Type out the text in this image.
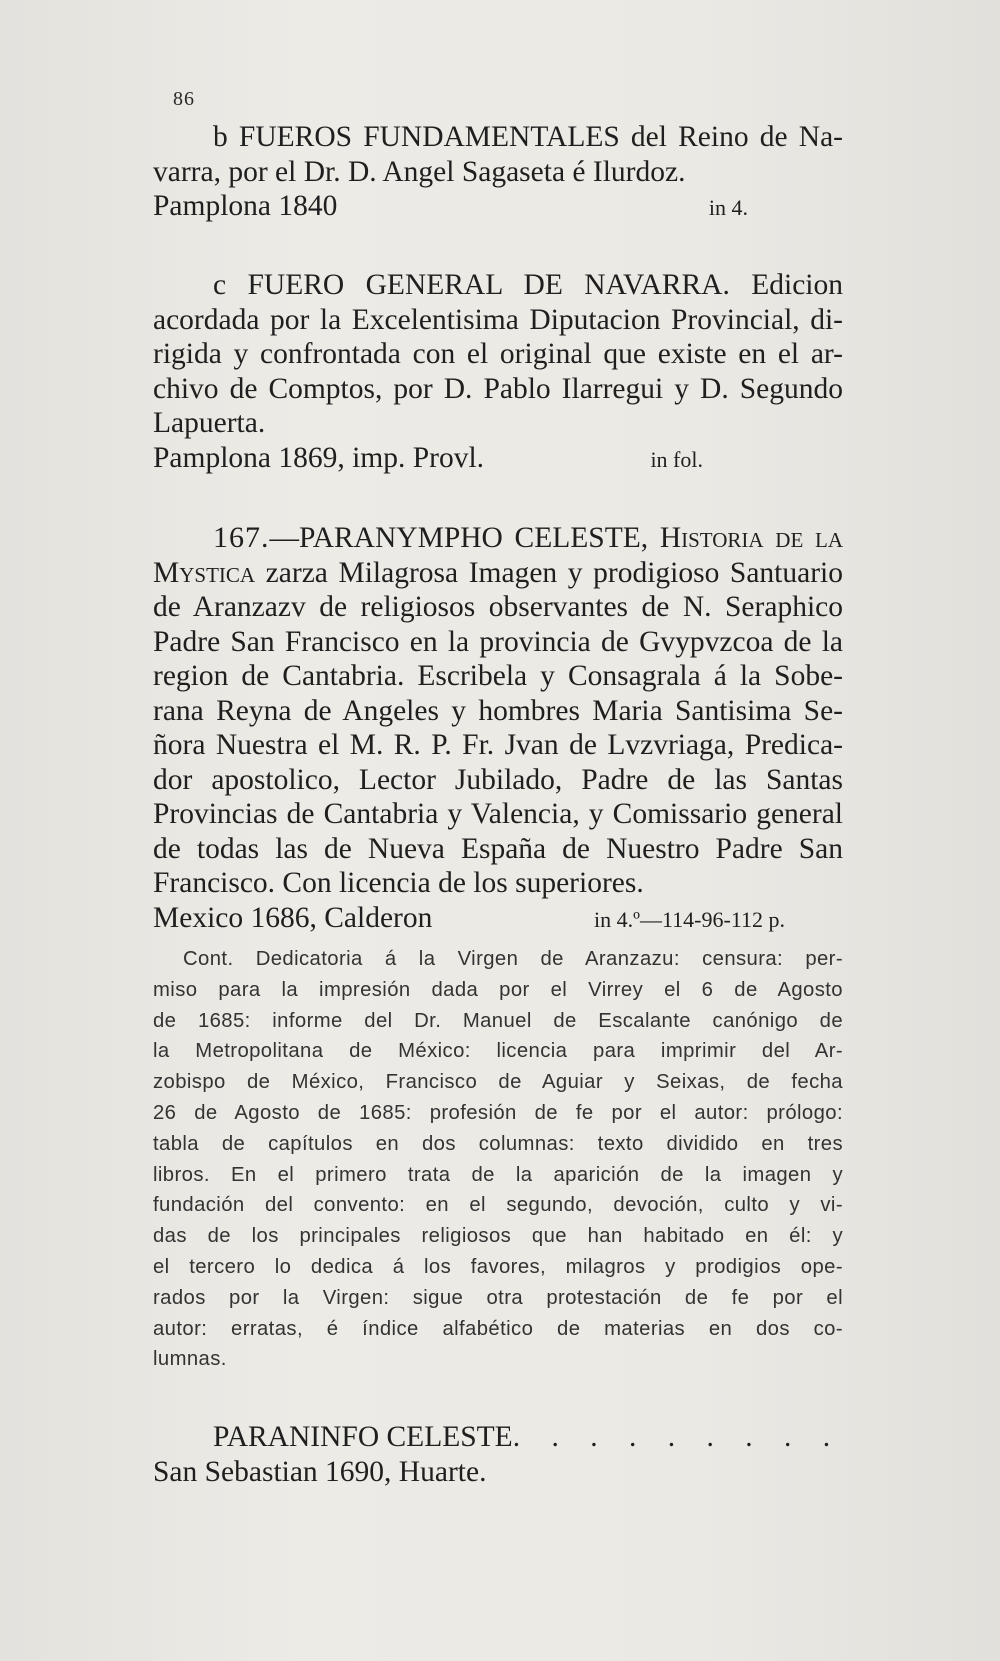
86
b FUEROS FUNDAMENTALES del Reino de Na-
varra, por el Dr. D. Angel Sagaseta é Ilurdoz.
Pamplona 1840	in 4.
c FUERO GENERAL DE NAVARRA. Edicion
acordada por la Excelentisima Diputacion Provincial, di-
rigida y confrontada con el original que existe en el ar-
chivo de Comptos, por D. Pablo Ilarregui y D. Segundo
Lapuerta.
Pamplona 1869, imp. Provl.	in fol.
167.—PARANYMPHO CELESTE, Historia de la
Mystica zarza Milagrosa Imagen y prodigioso Santuario
de Aranzazv de religiosos observantes de N. Seraphico
Padre San Francisco en la provincia de Gvypvzcoa de la
region de Cantabria. Escribela y Consagrala á la Sobe-
rana Reyna de Angeles y hombres Maria Santisima Se-
ñora Nuestra el M. R. P. Fr. Jvan de Lvzvriaga, Predica-
dor apostolico, Lector Jubilado, Padre de las Santas
Provincias de Cantabria y Valencia, y Comissario general
de todas las de Nueva España de Nuestro Padre San
Francisco. Con licencia de los superiores.
Mexico 1686, Calderon	in 4.º—114-96-112 p.
Cont. Dedicatoria á la Virgen de Aranzazu: censura: per-
miso para la impresión dada por el Virrey el 6 de Agosto
de 1685: informe del Dr. Manuel de Escalante canónigo de
la Metropolitana de México: licencia para imprimir del Ar-
zobispo de México, Francisco de Aguiar y Seixas, de fecha
26 de Agosto de 1685: profesión de fe por el autor: prólogo:
tabla de capítulos en dos columnas: texto dividido en tres
libros. En el primero trata de la aparición de la imagen y
fundación del convento: en el segundo, devoción, culto y vi-
das de los principales religiosos que han habitado en él: y
el tercero lo dedica á los favores, milagros y prodigios ope-
rados por la Virgen: sigue otra protestación de fe por el
autor: erratas, é índice alfabético de materias en dos co-
lumnas.
PARANINFO CELESTE. . . . . . . . .
San Sebastian 1690, Huarte.
